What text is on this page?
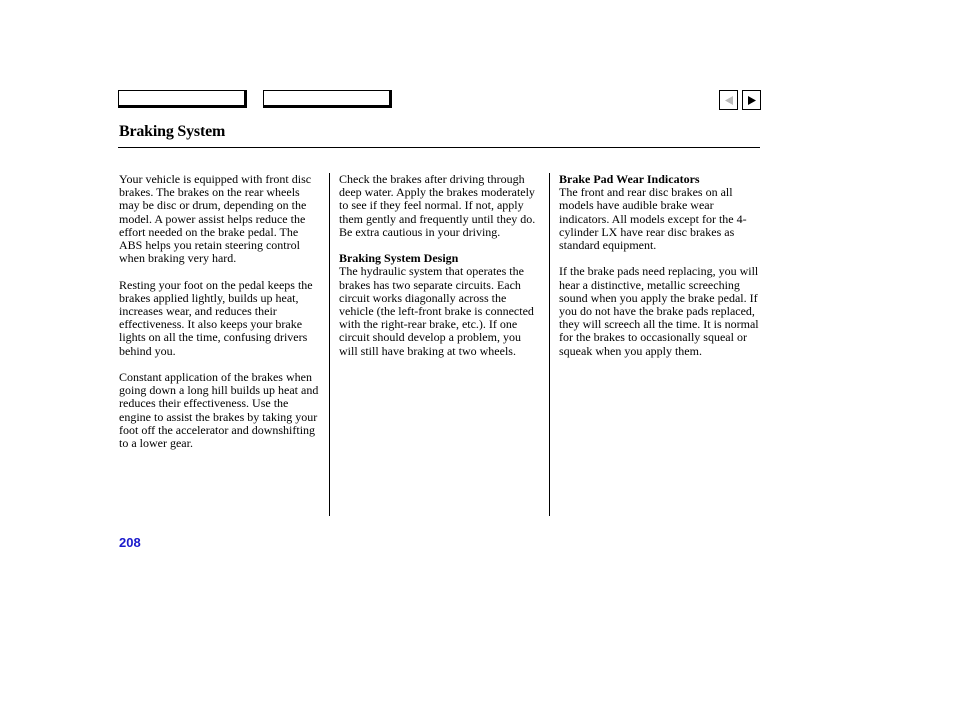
Braking System

Your vehicle is equipped with front disc brakes. The brakes on the rear wheels may be disc or drum, depending on the model. A power assist helps reduce the effort needed on the brake pedal. The ABS helps you retain steering control when braking very hard.

Resting your foot on the pedal keeps the brakes applied lightly, builds up heat, increases wear, and reduces their effectiveness. It also keeps your brake lights on all the time, confusing drivers behind you.

Constant application of the brakes when going down a long hill builds up heat and reduces their effectiveness. Use the engine to assist the brakes by taking your foot off the accelerator and downshifting to a lower gear.

Check the brakes after driving through deep water. Apply the brakes moderately to see if they feel normal. If not, apply them gently and frequently until they do. Be extra cautious in your driving.

Braking System Design

The hydraulic system that operates the brakes has two separate circuits. Each circuit works diagonally across the vehicle (the left-front brake is connected with the right-rear brake, etc.). If one circuit should develop a problem, you will still have braking at two wheels.

Brake Pad Wear Indicators

The front and rear disc brakes on all models have audible brake wear indicators. All models except for the 4-cylinder LX have rear disc brakes as standard equipment.

If the brake pads need replacing, you will hear a distinctive, metallic screeching sound when you apply the brake pedal. If you do not have the brake pads replaced, they will screech all the time. It is normal for the brakes to occasionally squeal or squeak when you apply them.

208
